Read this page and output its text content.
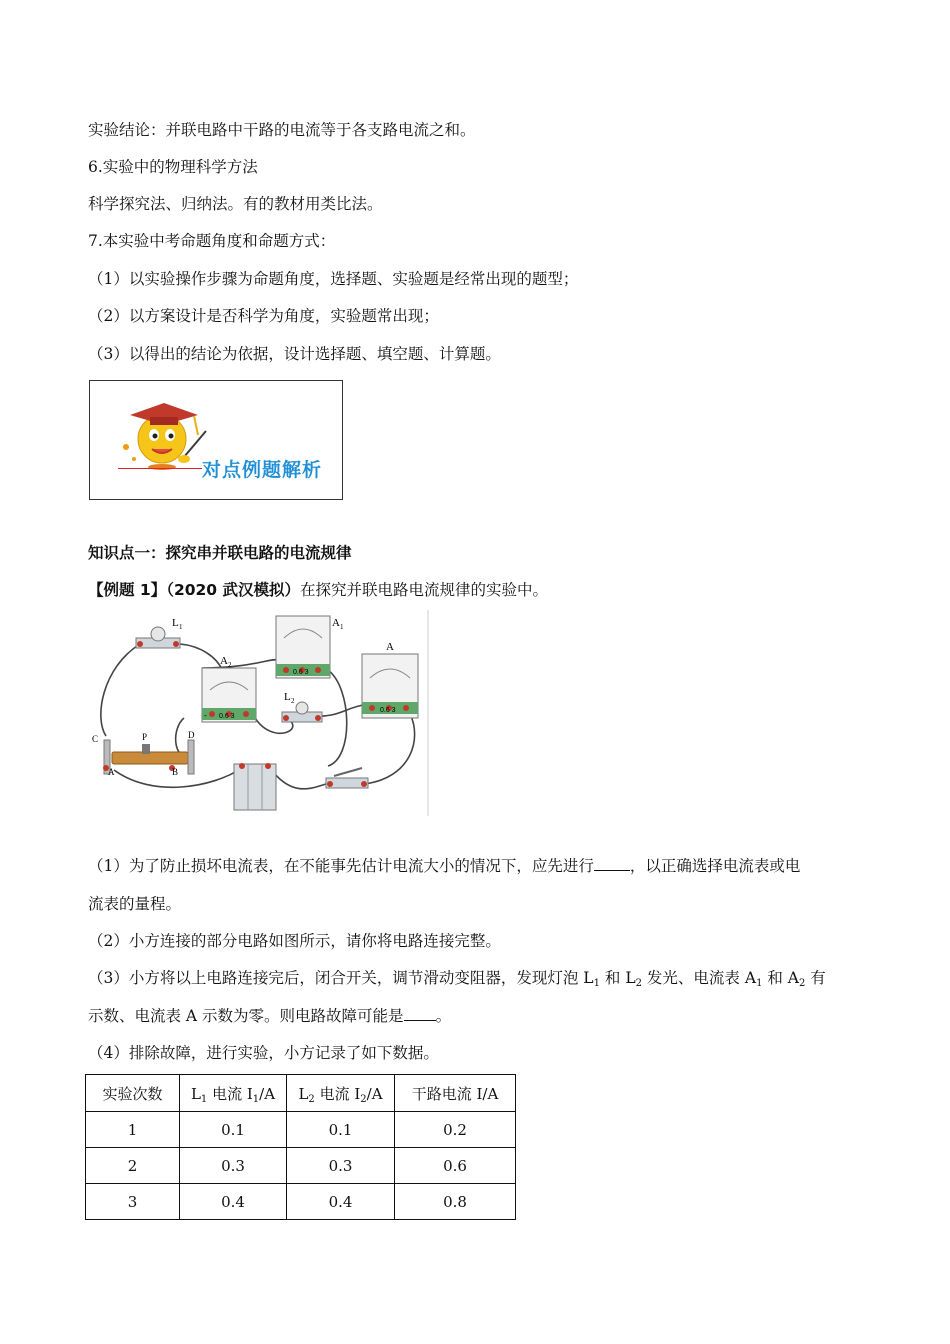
实验结论：并联电路中干路的电流等于各支路电流之和。
6.实验中的物理科学方法
科学探究法、归纳法。有的教材用类比法。
7.本实验中考命题角度和命题方式：
（1）以实验操作步骤为命题角度，选择题、实验题是经常出现的题型；
（2）以方案设计是否科学为角度，实验题常出现；
（3）以得出的结论为依据，设计选择题、填空题、计算题。
对点例题解析
知识点一：探究串并联电路的电流规律
【例题 1】（2020 武汉模拟）在探究并联电路电流规律的实验中。
L 1
0.6 3
A 1
- 0.6 3
A 2
L 2
0.6 3
A
C	D
P
A	B
（1）为了防止损坏电流表，在不能事先估计电流大小的情况下，应先进行 ，以正确选择电流表或电
流表的量程。
（2）小方连接的部分电路如图所示，请你将电路连接完整。
（3）小方将以上电路连接完后，闭合开关，调节滑动变阻器，发现灯泡 $L_1$ 和 $L_2$ 发光、电流表 $A_1$ 和 $A_2$ 有
示数、电流表 A 示数为零。则电路故障可能是 。
（4）排除故障，进行实验，小方记录了如下数据。
实验次数	$L_1$ 电流 $I_1/A$	$L_2$ 电流 $I_2/A$	干路电流 I/A
1	0.1	0.1	0.2
2	0.3	0.3	0.6
3	0.4	0.4	0.8
